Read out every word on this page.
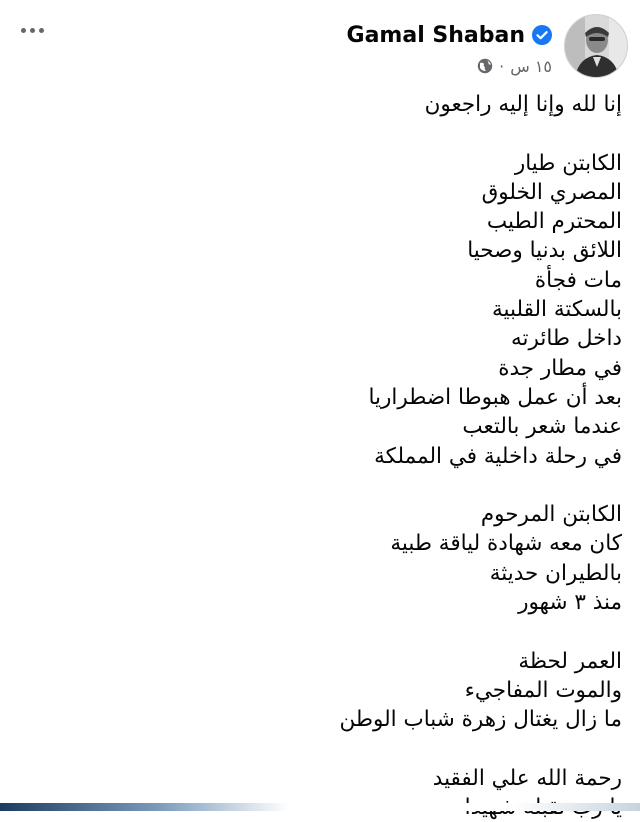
Gamal Shaban
١٥ س
·
إنا لله وإنا إليه راجعون
الكابتن طيار
المصري الخلوق
المحترم الطيب
اللائق بدنيا وصحيا
مات فجأة
بالسكتة القلبية
داخل طائرته
في مطار جدة
بعد أن عمل هبوطا اضطراريا
عندما شعر بالتعب
في رحلة داخلية في المملكة
الكابتن المرحوم
كان معه شهادة لياقة طبية
بالطيران حديثة
منذ ٣ شهور
العمر لحظة
والموت المفاجيء
ما زال يغتال زهرة شباب الوطن
رحمة الله علي الفقيد
